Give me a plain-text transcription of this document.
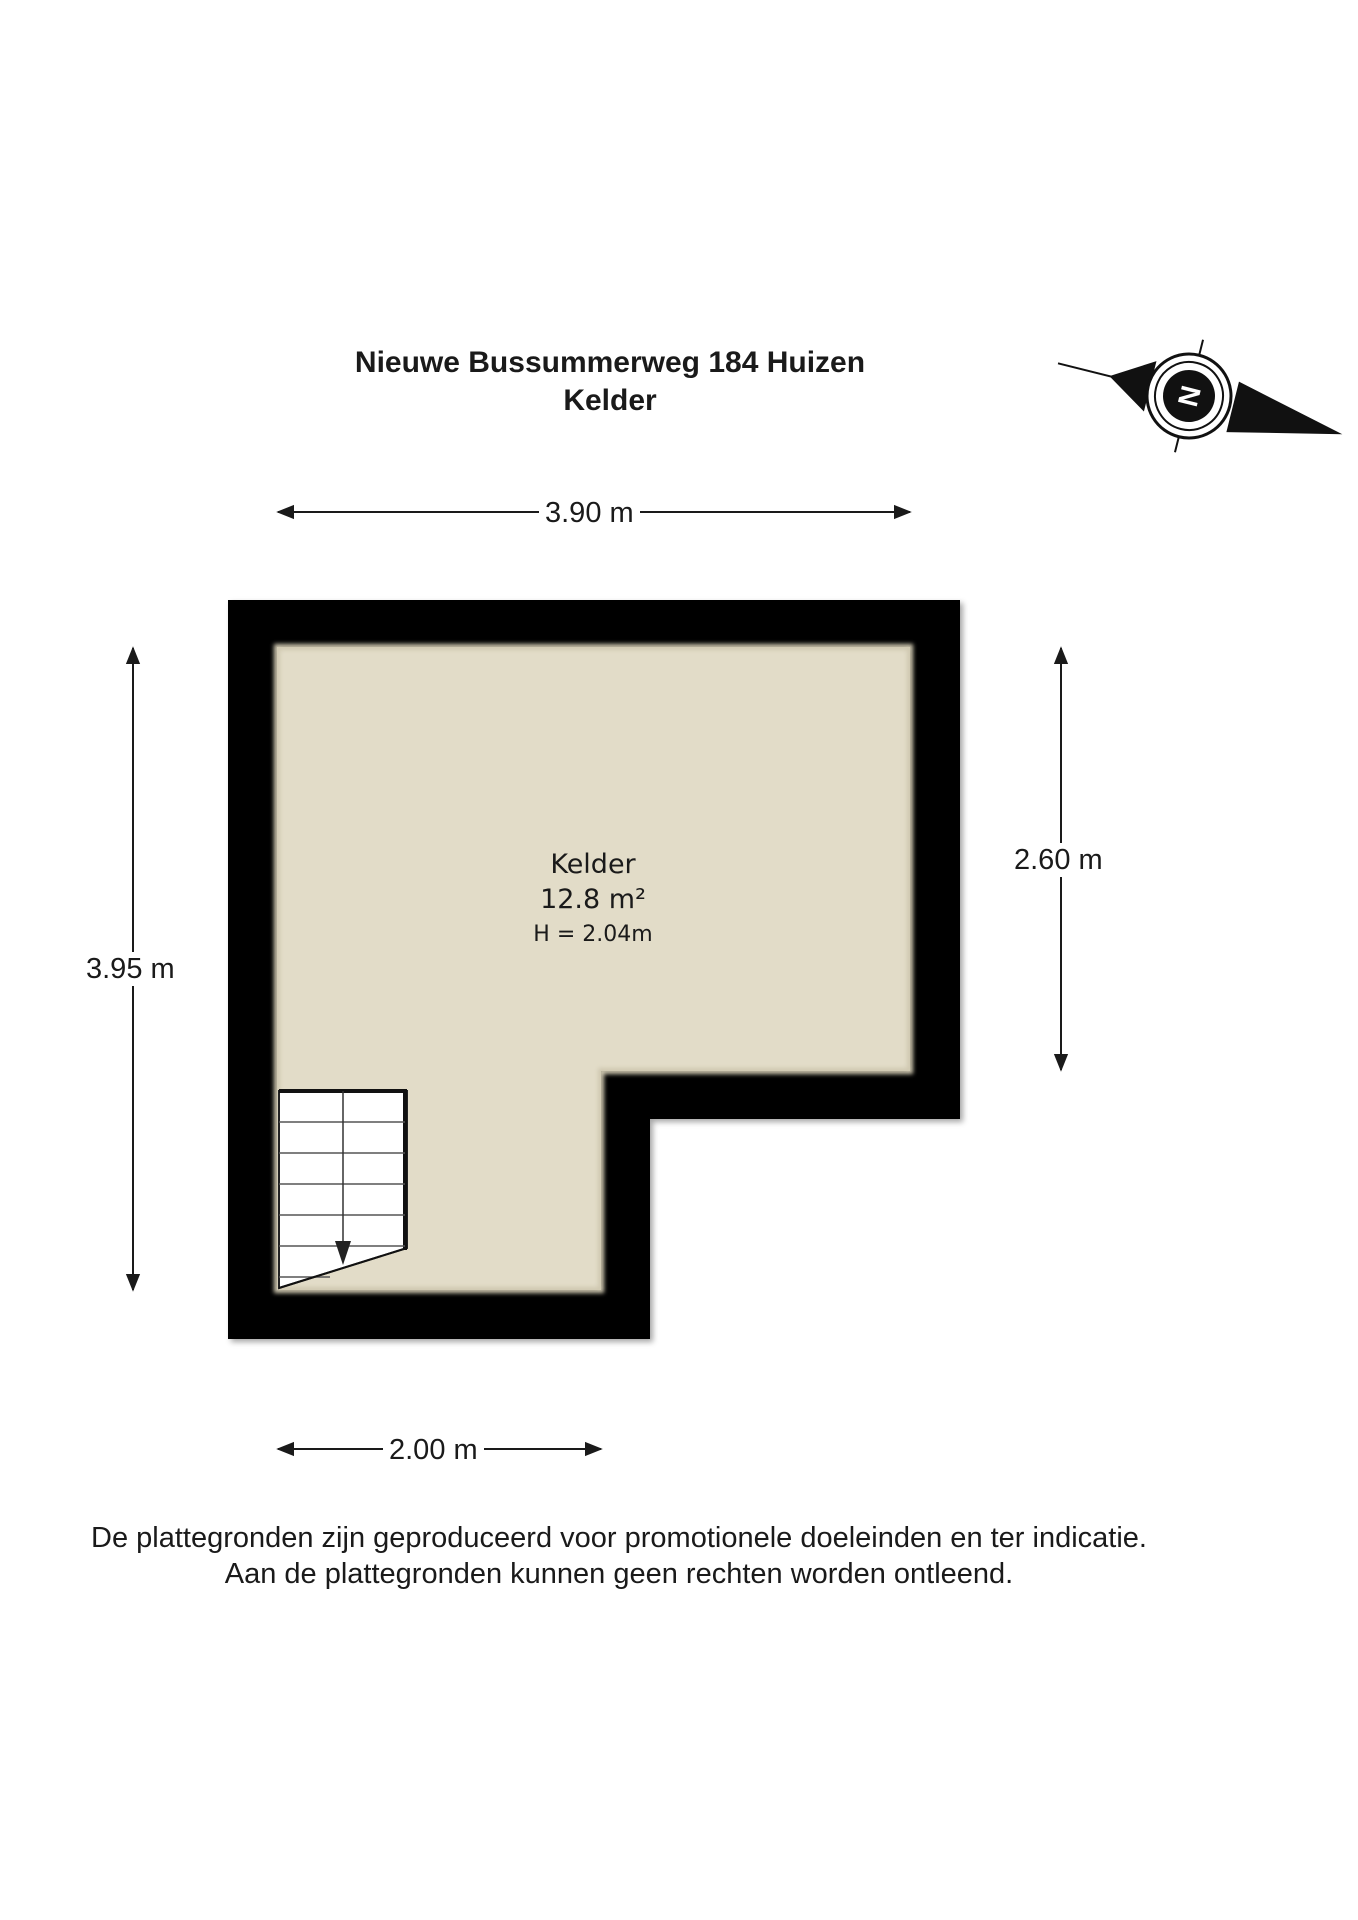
Nieuwe Bussummerweg 184 Huizen
Kelder	N
3.90 m
3.95 m
2.60 m
2.00 m
Kelder
12.8 m²
H = 2.04m
De plattegronden zijn geproduceerd voor promotionele doeleinden en ter indicatie.
Aan de plattegronden kunnen geen rechten worden ontleend.
